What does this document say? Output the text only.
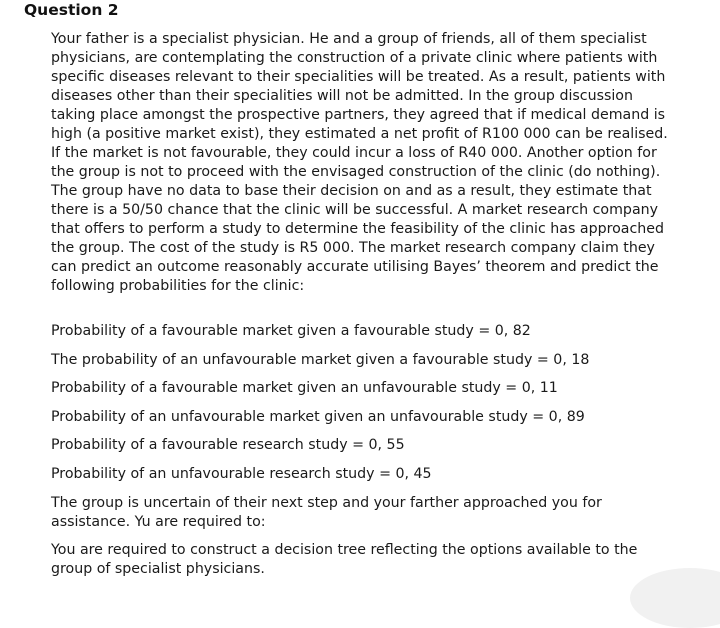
Question 2

Your father is a specialist physician. He and a group of friends, all of them specialist physicians, are contemplating the construction of a private clinic where patients with specific diseases relevant to their specialities will be treated. As a result, patients with diseases other than their specialities will not be admitted. In the group discussion taking place amongst the prospective partners, they agreed that if medical demand is high (a positive market exist), they estimated a net profit of R100 000 can be realised. If the market is not favourable, they could incur a loss of R40 000. Another option for the group is not to proceed with the envisaged construction of the clinic (do nothing). The group have no data to base their decision on and as a result, they estimate that there is a 50/50 chance that the clinic will be successful. A market research company that offers to perform a study to determine the feasibility of the clinic has approached the group. The cost of the study is R5 000. The market research company claim they can predict an outcome reasonably accurate utilising Bayes’ theorem and predict the following probabilities for the clinic:

Probability of a favourable market given a favourable study = 0, 82

The probability of an unfavourable market given a favourable study = 0, 18

Probability of a favourable market given an unfavourable study = 0, 11

Probability of an unfavourable market given an unfavourable study = 0, 89

Probability of a favourable research study = 0, 55

Probability of an unfavourable research study = 0, 45

The group is uncertain of their next step and your farther approached you for assistance. Yu are required to:

You are required to construct a decision tree reflecting the options available to the group of specialist physicians.
